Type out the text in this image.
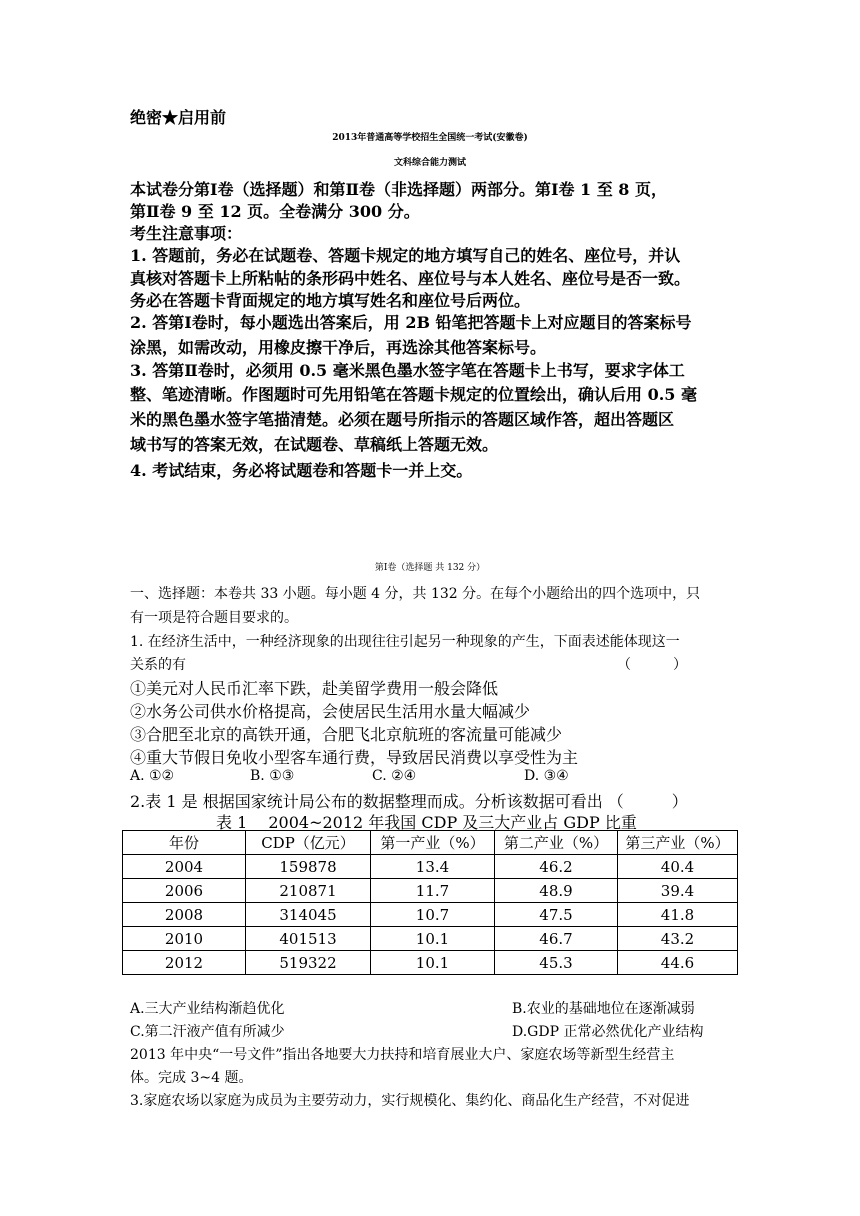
绝密★启用前
2013年普通高等学校招生全国统一考试(安徽卷)
文科综合能力测试
本试卷分第Ⅰ卷（选择题）和第Ⅱ卷（非选择题）两部分。第Ⅰ卷 1 至 8 页，
第Ⅱ卷 9 至 12 页。全卷满分 300 分。
考生注意事项：
1. 答题前，务必在试题卷、答题卡规定的地方填写自己的姓名、座位号，并认
真核对答题卡上所粘帖的条形码中姓名、座位号与本人姓名、座位号是否一致。
务必在答题卡背面规定的地方填写姓名和座位号后两位。
2. 答第Ⅰ卷时，每小题选出答案后，用 2B 铅笔把答题卡上对应题目的答案标号
涂黑，如需改动，用橡皮擦干净后，再选涂其他答案标号。
3. 答第Ⅱ卷时，必须用 0.5 毫米黑色墨水签字笔在答题卡上书写，要求字体工
整、笔迹清晰。作图题时可先用铅笔在答题卡规定的位置绘出，确认后用 0.5 毫
米的黑色墨水签字笔描清楚。必须在题号所指示的答题区域作答，超出答题区
域书写的答案无效，在试题卷、草稿纸上答题无效。
4. 考试结束，务必将试题卷和答题卡一并上交。
第Ⅰ卷（选择题 共 132 分）
一、选择题：本卷共 33 小题。每小题 4 分，共 132 分。在每个小题给出的四个选项中，只
有一项是符合题目要求的。
1. 在经济生活中，一种经济现象的出现往往引起另一种现象的产生，下面表述能体现这一
关系的有	（　　　）
①美元对人民币汇率下跌，赴美留学费用一般会降低
②水务公司供水价格提高，会使居民生活用水量大幅减少
③合肥至北京的高铁开通，合肥飞北京航班的客流量可能减少
④重大节假日免收小型客车通行费，导致居民消费以享受性为主
A. ①②	B. ①③	C. ②④	D. ③④
2.表 1 是 根据国家统计局公布的数据整理而成。分析该数据可看出 （　　　）
表 1　 2004~2012 年我国 CDP 及三大产业占 GDP 比重
年份	CDP（亿元）	第一产业（%）	第二产业（%）	第三产业（%）
2004	159878	13.4	46.2	40.4
2006	210871	11.7	48.9	39.4
2008	314045	10.7	47.5	41.8
2010	401513	10.1	46.7	43.2
2012	519322	10.1	45.3	44.6
A.三大产业结构渐趋优化	B.农业的基础地位在逐渐减弱
C.第二汗液产值有所减少	D.GDP 正常必然优化产业结构
2013 年中央“一号文件”指出各地要大力扶持和培育展业大户、家庭农场等新型生经营主
体。完成 3~4 题。
3.家庭农场以家庭为成员为主要劳动力，实行规模化、集约化、商品化生产经营，不对促进
